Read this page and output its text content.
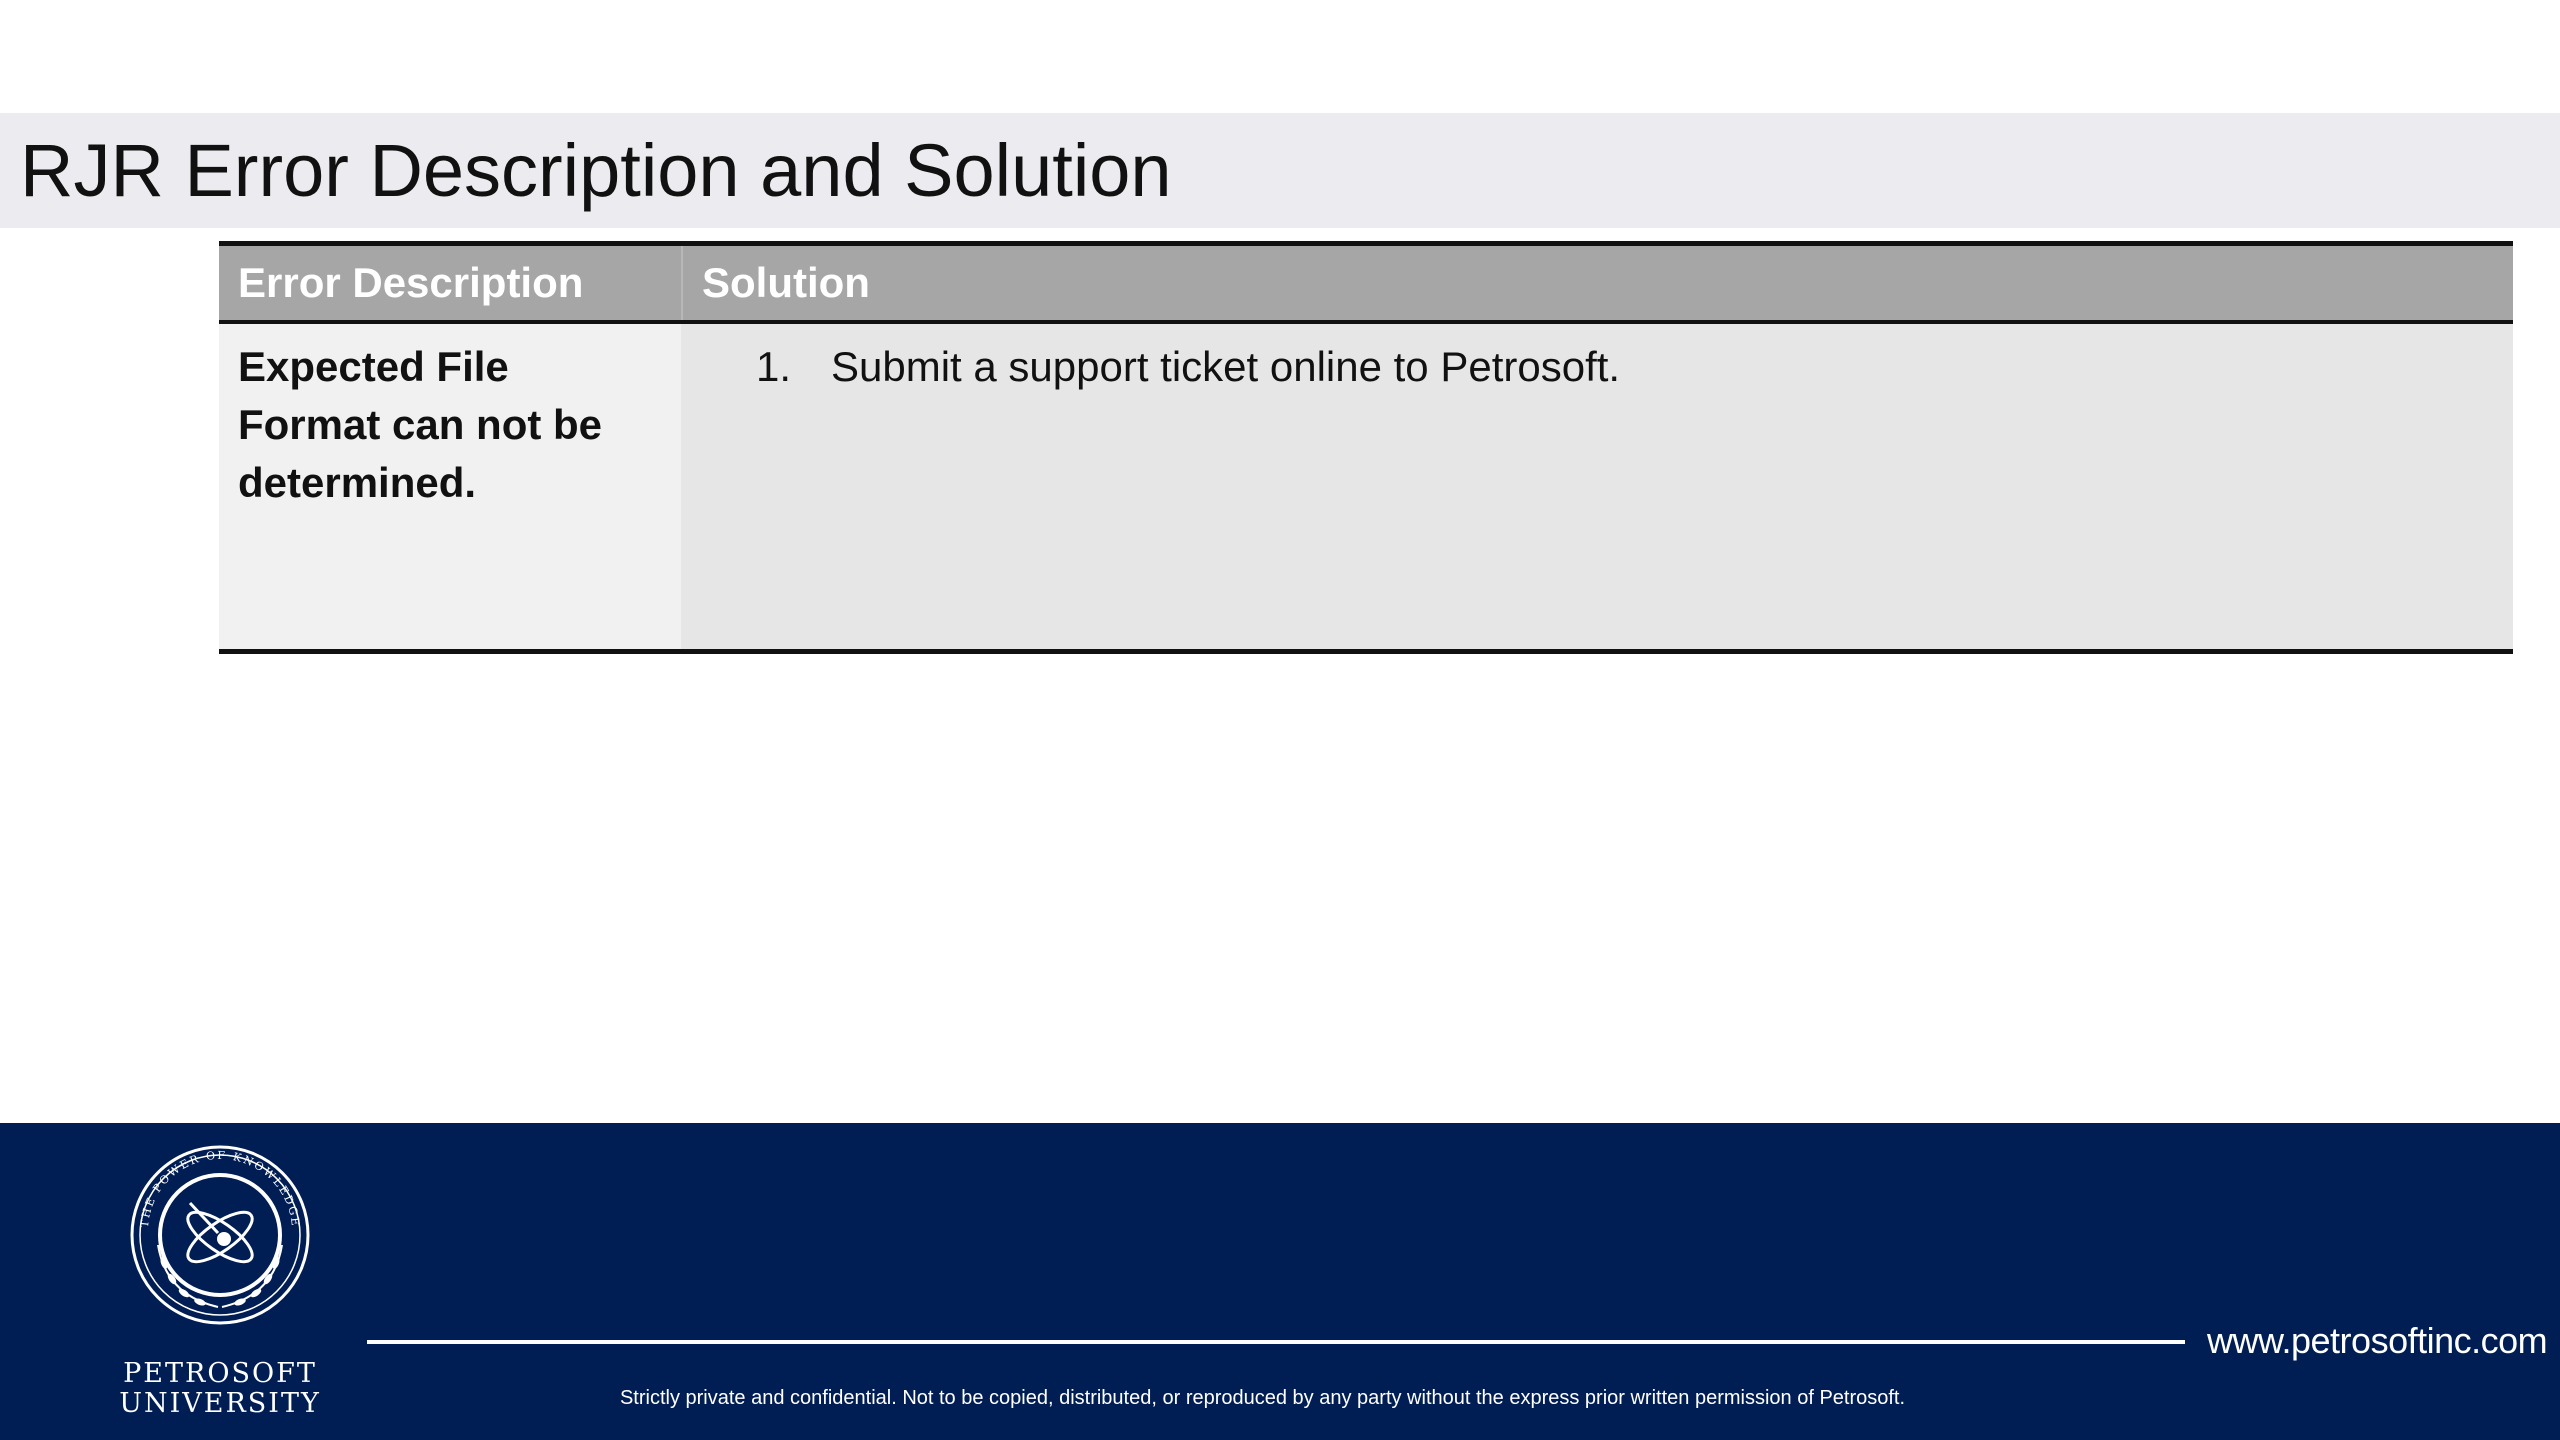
RJR Error Description and Solution
Error Description	Solution
Expected File Format can not be determined.
1. Submit a support ticket online to Petrosoft.
THE POWER OF KNOWLEDGE
PETROSOFT
UNIVERSITY
www.petrosoftinc.com
Strictly private and confidential. Not to be copied, distributed, or reproduced by any party without the express prior written permission of Petrosoft.
